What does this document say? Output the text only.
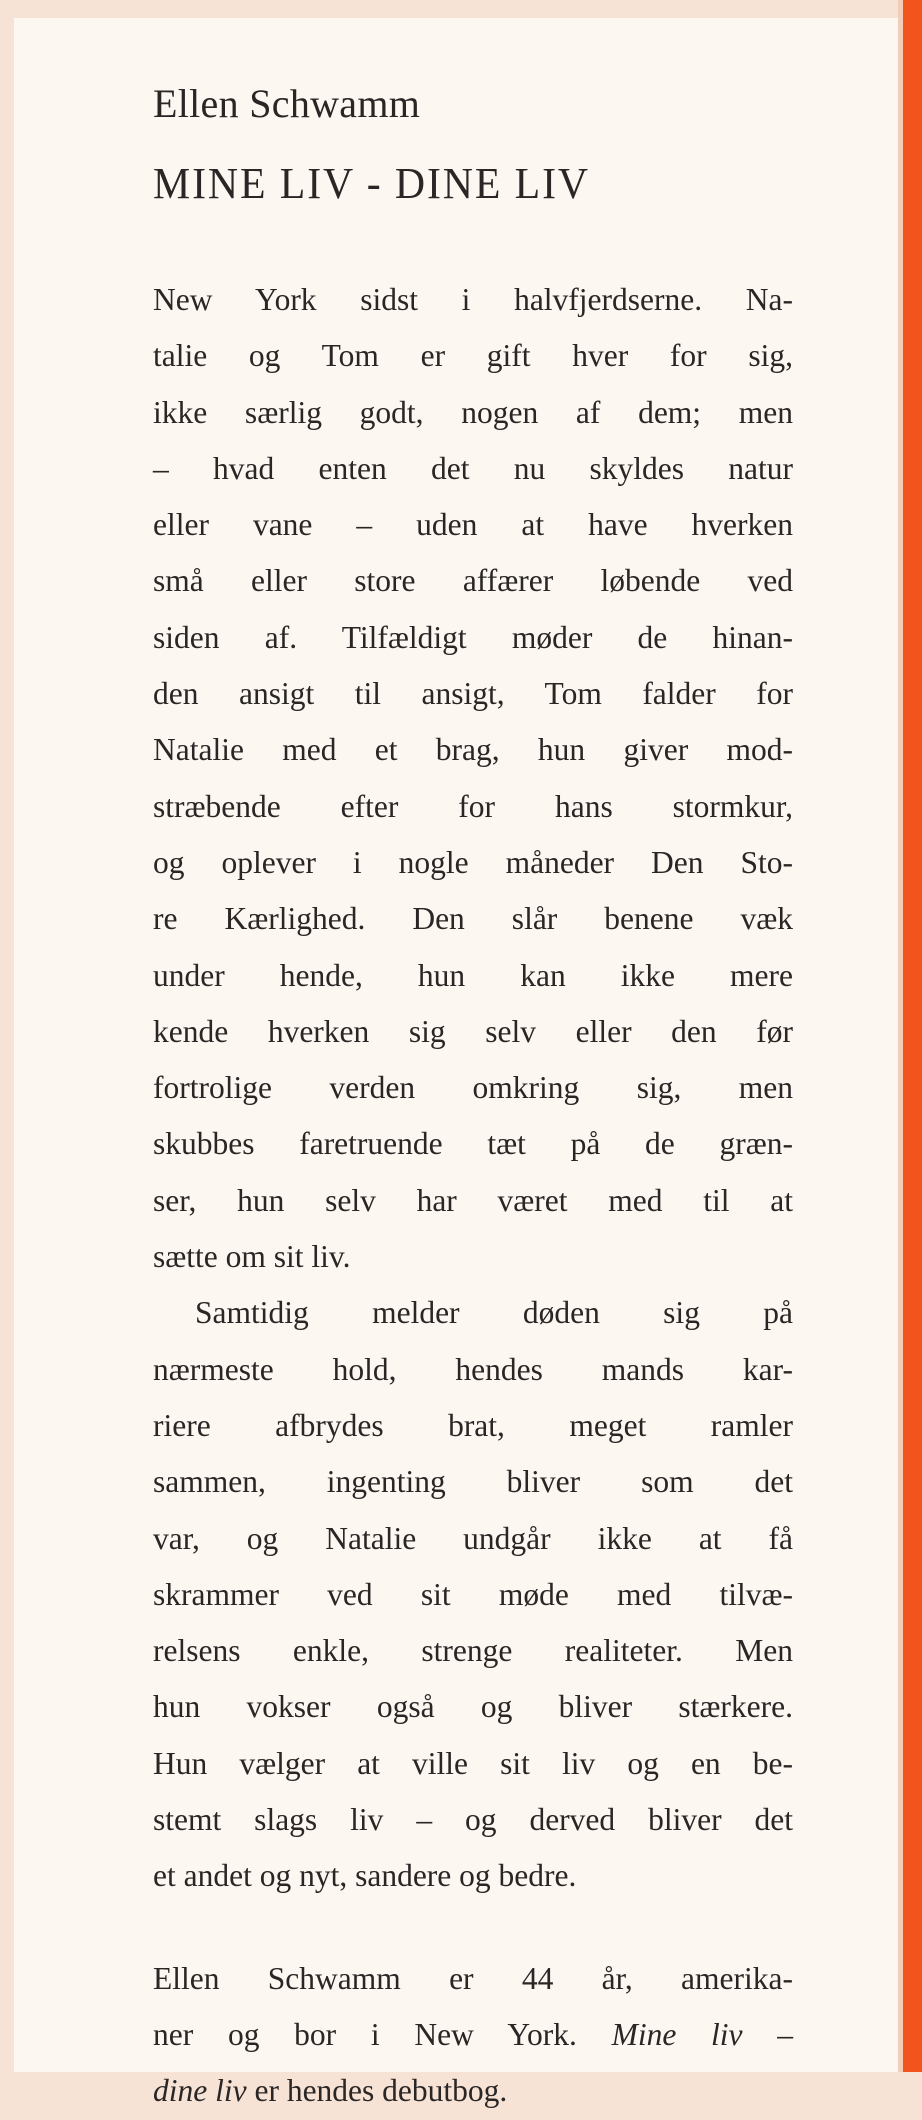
Ellen Schwamm
MINE LIV - DINE LIV
New York sidst i halvfjerdserne. Na-
talie og Tom er gift hver for sig,
ikke særlig godt, nogen af dem; men
– hvad enten det nu skyldes natur
eller vane – uden at have hverken
små eller store affærer løbende ved
siden af. Tilfældigt møder de hinan-
den ansigt til ansigt, Tom falder for
Natalie med et brag, hun giver mod-
stræbende efter for hans stormkur,
og oplever i nogle måneder Den Sto-
re Kærlighed. Den slår benene væk
under hende, hun kan ikke mere
kende hverken sig selv eller den før
fortrolige verden omkring sig, men
skubbes faretruende tæt på de græn-
ser, hun selv har været med til at
sætte om sit liv.
Samtidig melder døden sig på
nærmeste hold, hendes mands kar-
riere afbrydes brat, meget ramler
sammen, ingenting bliver som det
var, og Natalie undgår ikke at få
skrammer ved sit møde med tilvæ-
relsens enkle, strenge realiteter. Men
hun vokser også og bliver stærkere.
Hun vælger at ville sit liv og en be-
stemt slags liv – og derved bliver det
et andet og nyt, sandere og bedre.
Ellen Schwamm er 44 år, amerika-
ner og bor i New York. Mine liv –
dine liv er hendes debutbog.
